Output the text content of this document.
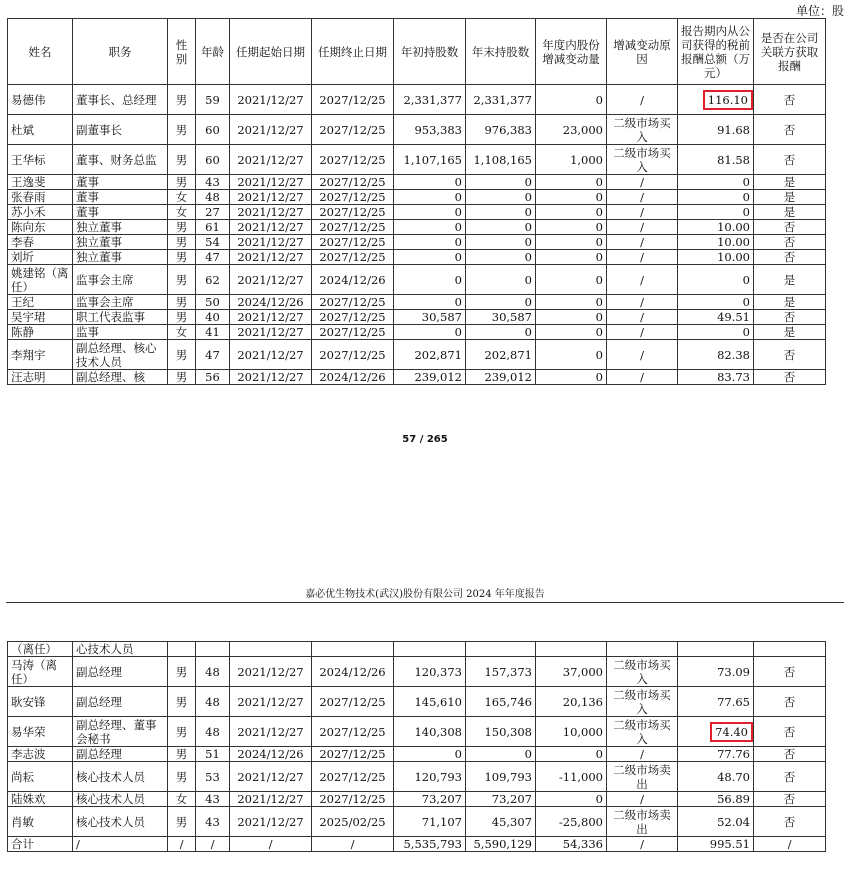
单位：股
姓名	职务	性别	年龄	任期起始日期	任期终止日期	年初持股数	年末持股数	年度内股份增减变动量	增减变动原因	报告期内从公司获得的税前报酬总额（万元）	是否在公司关联方获取报酬
易德伟	董事长、总经理	男	59	2021/12/27	2027/12/25	2,331,377	2,331,377	0	/	116.10	否
杜斌	副董事长	男	60	2021/12/27	2027/12/25	953,383	976,383	23,000	二级市场买入	91.68	否
王华标	董事、财务总监	男	60	2021/12/27	2027/12/25	1,107,165	1,108,165	1,000	二级市场买入	81.58	否
王逸斐	董事	男	43	2021/12/27	2027/12/25	0	0	0	/	0	是
张春雨	董事	女	48	2021/12/27	2027/12/25	0	0	0	/	0	是
苏小禾	董事	女	27	2021/12/27	2027/12/25	0	0	0	/	0	是
陈向东	独立董事	男	61	2021/12/27	2027/12/25	0	0	0	/	10.00	否
李春	独立董事	男	54	2021/12/27	2027/12/25	0	0	0	/	10.00	否
刘圻	独立董事	男	47	2021/12/27	2027/12/25	0	0	0	/	10.00	否
姚建铭（离任）	监事会主席	男	62	2021/12/27	2024/12/26	0	0	0	/	0	是
王纪	监事会主席	男	50	2024/12/26	2027/12/25	0	0	0	/	0	是
吴宇珺	职工代表监事	男	40	2021/12/27	2027/12/25	30,587	30,587	0	/	49.51	否
陈静	监事	女	41	2021/12/27	2027/12/25	0	0	0	/	0	是
李翔宇	副总经理、核心技术人员	男	47	2021/12/27	2027/12/25	202,871	202,871	0	/	82.38	否
汪志明	副总经理、核	男	56	2021/12/27	2024/12/26	239,012	239,012	0	/	83.73	否
57 / 265
嘉必优生物技术(武汉)股份有限公司 2024 年年度报告
（离任）	心技术人员										
马涛（离任）	副总经理	男	48	2021/12/27	2024/12/26	120,373	157,373	37,000	二级市场买入	73.09	否
耿安锋	副总经理	男	48	2021/12/27	2027/12/25	145,610	165,746	20,136	二级市场买入	77.65	否
易华荣	副总经理、董事会秘书	男	48	2021/12/27	2027/12/25	140,308	150,308	10,000	二级市场买入	74.40	否
李志波	副总经理	男	51	2024/12/26	2027/12/25	0	0	0	/	77.76	否
尚耘	核心技术人员	男	53	2021/12/27	2027/12/25	120,793	109,793	-11,000	二级市场卖出	48.70	否
陆姝欢	核心技术人员	女	43	2021/12/27	2027/12/25	73,207	73,207	0	/	56.89	否
肖敏	核心技术人员	男	43	2021/12/27	2025/02/25	71,107	45,307	-25,800	二级市场卖出	52.04	否
合计	/	/	/	/	/	5,535,793	5,590,129	54,336	/	995.51	/
